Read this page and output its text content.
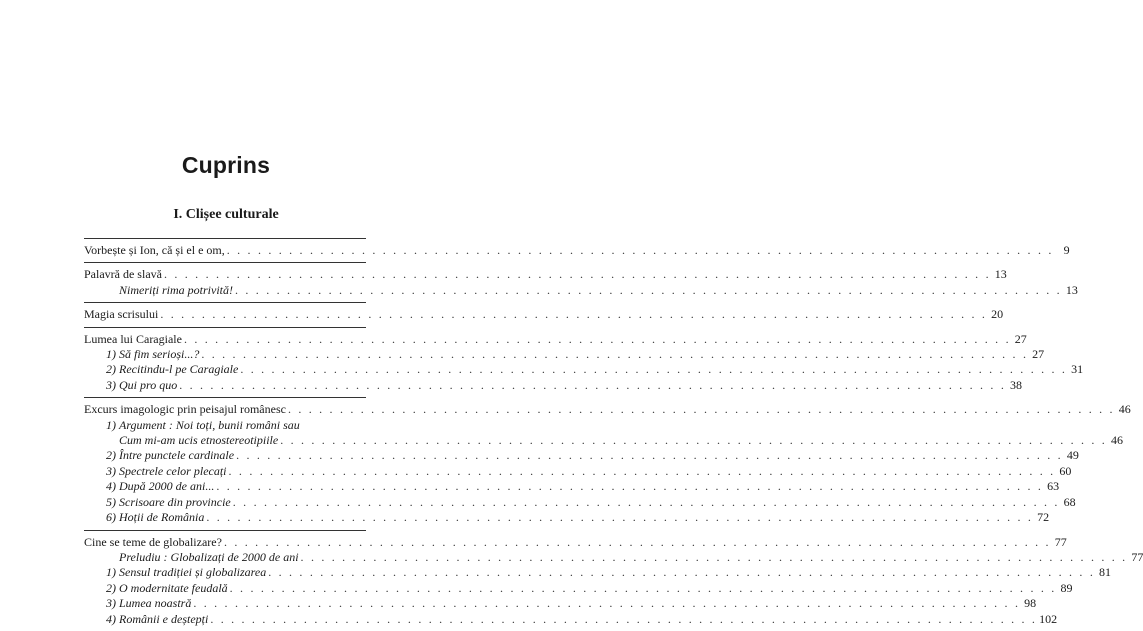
Cuprins
I. Clișee culturale
Vorbește și Ion, că și el e om, . . . . . . . . . . . . . . . . . . . . . . . . . . . . . . . . . . . . . . . . . . . . . . . . . . . . . . . . . . . . . . . . . . . . . . . . . . . . . . . . 9
Palavră de slavă . . . . . . . . . . . . . . . . . . . . . . . . . . . . . . . . . . . . . . . . . . . . . . . . . . . . . . . . . . . . . . . . . . . . . . . . . . . . . . . . 13
Nimeriți rima potrivită! . . . . . . . . . . . . . . . . . . . . . . . . . . . . . . . . . . . . . . . . . . . . . . . . . . . . . . . . . . . . . . . . . . . . . . . . . . . . . . . . 13
Magia scrisului . . . . . . . . . . . . . . . . . . . . . . . . . . . . . . . . . . . . . . . . . . . . . . . . . . . . . . . . . . . . . . . . . . . . . . . . . . . . . . . . 20
Lumea lui Caragiale . . . . . . . . . . . . . . . . . . . . . . . . . . . . . . . . . . . . . . . . . . . . . . . . . . . . . . . . . . . . . . . . . . . . . . . . . . . . . . . . 27
1) Să fim serioși...? . . . . . . . . . . . . . . . . . . . . . . . . . . . . . . . . . . . . . . . . . . . . . . . . . . . . . . . . . . . . . . . . . . . . . . . . . . . . . . . . 27
2) Recitindu-l pe Caragiale . . . . . . . . . . . . . . . . . . . . . . . . . . . . . . . . . . . . . . . . . . . . . . . . . . . . . . . . . . . . . . . . . . . . . . . . . . . . . . . . 31
3) Qui pro quo . . . . . . . . . . . . . . . . . . . . . . . . . . . . . . . . . . . . . . . . . . . . . . . . . . . . . . . . . . . . . . . . . . . . . . . . . . . . . . . . 38
Excurs imagologic prin peisajul românesc . . . . . . . . . . . . . . . . . . . . . . . . . . . . . . . . . . . . . . . . . . . . . . . . . . . . . . . . . . . . . . . . . . . . . . . . . . . . . . . . 46
1) Argument : Noi toți, bunii români sau
Cum mi-am ucis etnostereotipiile . . . . . . . . . . . . . . . . . . . . . . . . . . . . . . . . . . . . . . . . . . . . . . . . . . . . . . . . . . . . . . . . . . . . . . . . . . . . . . . . 46
2) Între punctele cardinale . . . . . . . . . . . . . . . . . . . . . . . . . . . . . . . . . . . . . . . . . . . . . . . . . . . . . . . . . . . . . . . . . . . . . . . . . . . . . . . . 49
3) Spectrele celor plecați . . . . . . . . . . . . . . . . . . . . . . . . . . . . . . . . . . . . . . . . . . . . . . . . . . . . . . . . . . . . . . . . . . . . . . . . . . . . . . . . 60
4) După 2000 de ani... . . . . . . . . . . . . . . . . . . . . . . . . . . . . . . . . . . . . . . . . . . . . . . . . . . . . . . . . . . . . . . . . . . . . . . . . . . . . . . . . 63
5) Scrisoare din provincie . . . . . . . . . . . . . . . . . . . . . . . . . . . . . . . . . . . . . . . . . . . . . . . . . . . . . . . . . . . . . . . . . . . . . . . . . . . . . . . . 68
6) Hoții de România . . . . . . . . . . . . . . . . . . . . . . . . . . . . . . . . . . . . . . . . . . . . . . . . . . . . . . . . . . . . . . . . . . . . . . . . . . . . . . . . 72
Cine se teme de globalizare? . . . . . . . . . . . . . . . . . . . . . . . . . . . . . . . . . . . . . . . . . . . . . . . . . . . . . . . . . . . . . . . . . . . . . . . . . . . . . . . . 77
Preludiu : Globalizați de 2000 de ani . . . . . . . . . . . . . . . . . . . . . . . . . . . . . . . . . . . . . . . . . . . . . . . . . . . . . . . . . . . . . . . . . . . . . . . . . . . . . . . . 77
1) Sensul tradiției și globalizarea . . . . . . . . . . . . . . . . . . . . . . . . . . . . . . . . . . . . . . . . . . . . . . . . . . . . . . . . . . . . . . . . . . . . . . . . . . . . . . . . 81
2) O modernitate feudală . . . . . . . . . . . . . . . . . . . . . . . . . . . . . . . . . . . . . . . . . . . . . . . . . . . . . . . . . . . . . . . . . . . . . . . . . . . . . . . . 89
3) Lumea noastră . . . . . . . . . . . . . . . . . . . . . . . . . . . . . . . . . . . . . . . . . . . . . . . . . . . . . . . . . . . . . . . . . . . . . . . . . . . . . . . . 98
4) Românii e deștepți . . . . . . . . . . . . . . . . . . . . . . . . . . . . . . . . . . . . . . . . . . . . . . . . . . . . . . . . . . . . . . . . . . . . . . . . . . . . . . . . 102
